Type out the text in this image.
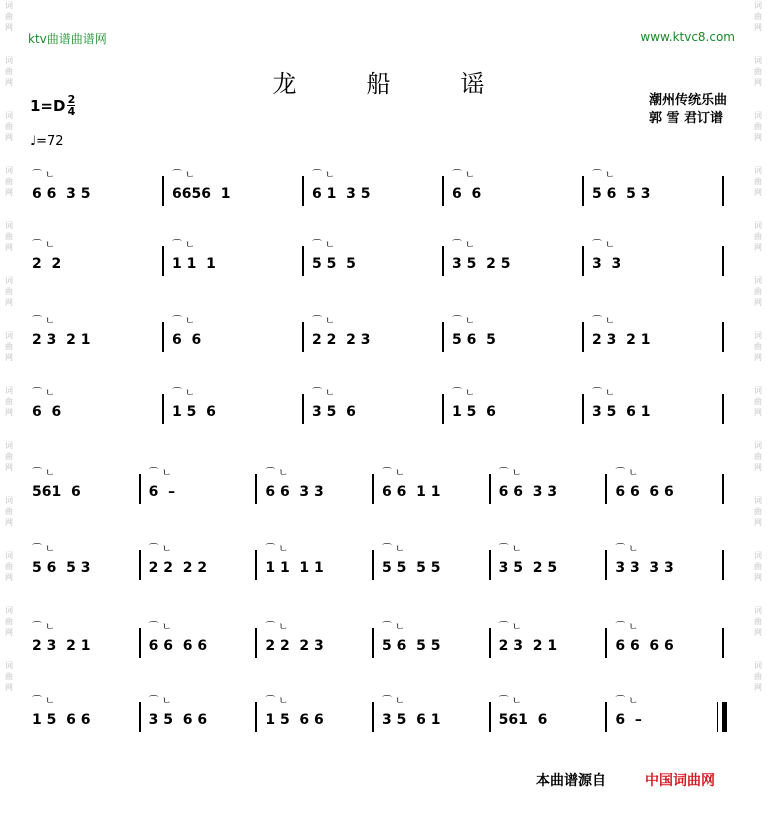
词
曲
网
词
曲
网
词
曲
网
词
曲
网
词
曲
网
词
曲
网
词
曲
网
词
曲
网
词
曲
网
词
曲
网
词
曲
网
词
曲
网
词
曲
网
词
曲
网
词
曲
网
词
曲
网
词
曲
网
词
曲
网
词
曲
网
词
曲
网
词
曲
网
词
曲
网
词
曲
网
词
曲
网
词
曲
网
词
曲
网
ktv曲谱曲谱网	www.ktvc8.com
龙船谣
$1=D \frac{2}{4}$
♩=72
潮州传统乐曲
郭 雪 君订谱
⌒ ㄴ
6 6  3 5
⌒ ㄴ
6656  1
⌒ ㄴ
6 1  3 5
⌒ ㄴ
6  6
⌒ ㄴ
5 6  5 3
⌒ ㄴ
2  2
⌒ ㄴ
1 1  1
⌒ ㄴ
5 5  5
⌒ ㄴ
3 5  2 5
⌒ ㄴ
3  3
⌒ ㄴ
2 3  2 1
⌒ ㄴ
6  6
⌒ ㄴ
2 2  2 3
⌒ ㄴ
5 6  5
⌒ ㄴ
2 3  2 1
⌒ ㄴ
6  6
⌒ ㄴ
1 5  6
⌒ ㄴ
3 5  6
⌒ ㄴ
1 5  6
⌒ ㄴ
3 5  6 1
⌒ ㄴ
561  6
⌒ ㄴ
6  –
⌒ ㄴ
6 6  3 3
⌒ ㄴ
6 6  1 1
⌒ ㄴ
6 6  3 3
⌒ ㄴ
6 6  6 6
⌒ ㄴ
5 6  5 3
⌒ ㄴ
2 2  2 2
⌒ ㄴ
1 1  1 1
⌒ ㄴ
5 5  5 5
⌒ ㄴ
3 5  2 5
⌒ ㄴ
3 3  3 3
⌒ ㄴ
2 3  2 1
⌒ ㄴ
6 6  6 6
⌒ ㄴ
2 2  2 3
⌒ ㄴ
5 6  5 5
⌒ ㄴ
2 3  2 1
⌒ ㄴ
6 6  6 6
⌒ ㄴ
1 5  6 6
⌒ ㄴ
3 5  6 6
⌒ ㄴ
1 5  6 6
⌒ ㄴ
3 5  6 1
⌒ ㄴ
561  6
⌒ ㄴ
6  –
本曲谱源自	中国词曲网
